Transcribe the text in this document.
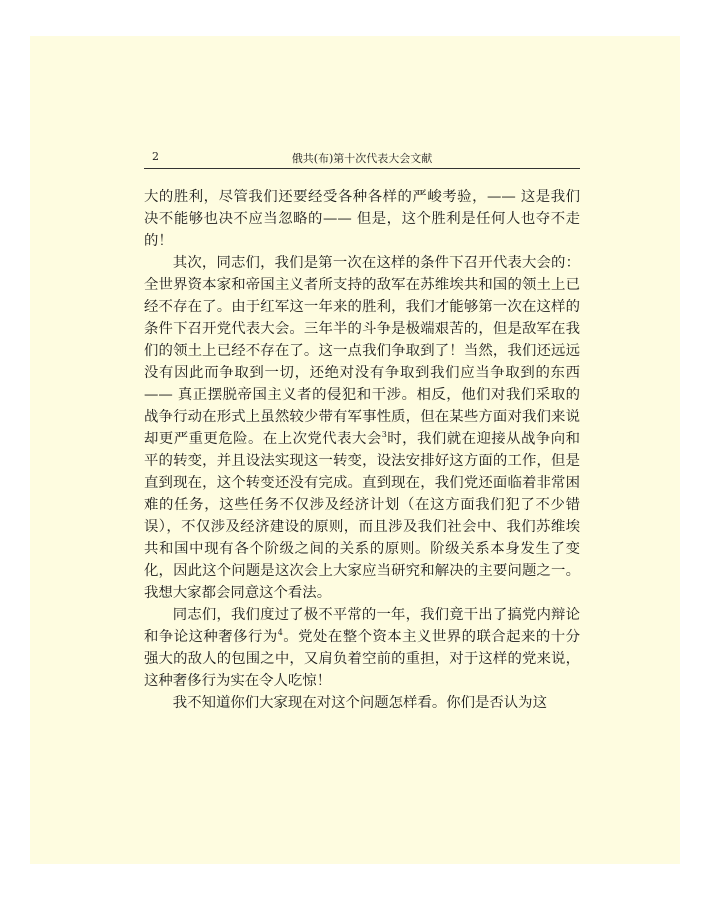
2	俄共(布)第十次代表大会文献

大的胜利，尽管我们还要经受各种各样的严峻考验，—— 这是我们决不能够也决不应当忽略的—— 但是，这个胜利是任何人也夺不走的！

其次，同志们，我们是第一次在这样的条件下召开代表大会的：全世界资本家和帝国主义者所支持的敌军在苏维埃共和国的领土上已经不存在了。由于红军这一年来的胜利，我们才能够第一次在这样的条件下召开党代表大会。三年半的斗争是极端艰苦的，但是敌军在我们的领土上已经不存在了。这一点我们争取到了！当然，我们还远远没有因此而争取到一切，还绝对没有争取到我们应当争取到的东西—— 真正摆脱帝国主义者的侵犯和干涉。相反，他们对我们采取的战争行动在形式上虽然较少带有军事性质，但在某些方面对我们来说却更严重更危险。在上次党代表大会$^3$时，我们就在迎接从战争向和平的转变，并且设法实现这一转变，设法安排好这方面的工作，但是直到现在，这个转变还没有完成。直到现在，我们党还面临着非常困难的任务，这些任务不仅涉及经济计划（在这方面我们犯了不少错误），不仅涉及经济建设的原则，而且涉及我们社会中、我们苏维埃共和国中现有各个阶级之间的关系的原则。阶级关系本身发生了变化，因此这个问题是这次会上大家应当研究和解决的主要问题之一。我想大家都会同意这个看法。

同志们，我们度过了极不平常的一年，我们竟干出了搞党内辩论和争论这种奢侈行为$^4$。党处在整个资本主义世界的联合起来的十分强大的敌人的包围之中，又肩负着空前的重担，对于这样的党来说，这种奢侈行为实在令人吃惊！

我不知道你们大家现在对这个问题怎样看。你们是否认为这
